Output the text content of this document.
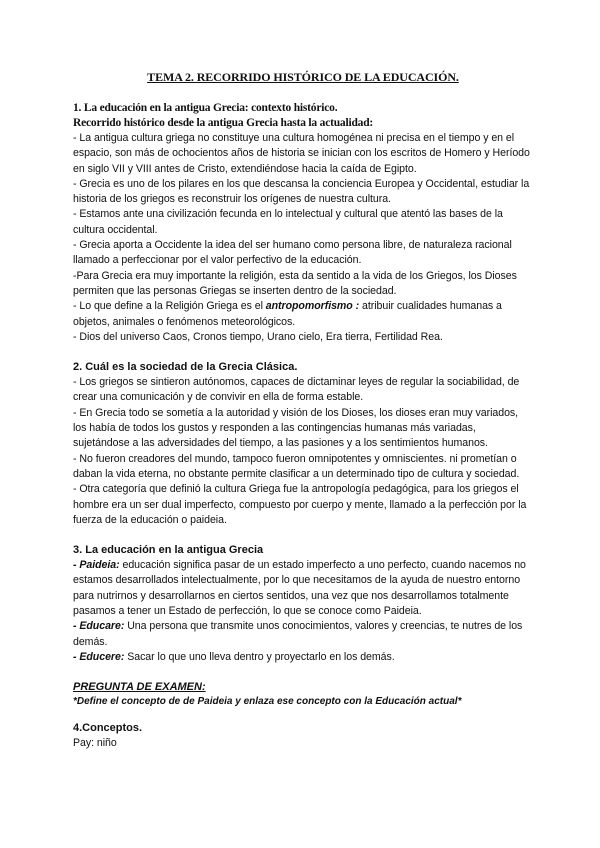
TEMA 2. RECORRIDO HISTÓRICO DE LA EDUCACIÓN.
1. La educación en la antigua Grecia: contexto histórico.
Recorrido histórico desde la antigua Grecia hasta la actualidad:

- La antigua cultura griega no constituye una cultura homogénea ni precisa en el tiempo y en el espacio, son más de ochocientos años de historia se inician con los escritos de Homero y Heríodo en siglo VII y VIII antes de Cristo, extendiéndose hacia la caída de Egipto.

- Grecia es uno de los pilares en los que descansa la conciencia Europea y Occidental, estudiar la historia de los griegos es reconstruir los orígenes de nuestra cultura.

- Estamos ante una civilización fecunda en lo intelectual y cultural que atentó las bases de la cultura occidental.

- Grecia aporta a Occidente la idea del ser humano como persona libre, de naturaleza racional llamado a perfeccionar por el valor perfectivo de la educación.

-Para Grecia era muy importante la religión, esta da sentido a la vida de los Griegos, los Dioses permiten que las personas Griegas se inserten dentro de la sociedad.

- Lo que define a la Religión Griega es el antropomorfismo : atribuir cualidades humanas a objetos, animales o fenómenos meteorológicos.

- Dios del universo Caos, Cronos tiempo, Urano cielo, Era tierra, Fertilidad Rea.

2. Cuál es la sociedad de la Grecia Clásica.

- Los griegos se sintieron autónomos, capaces de dictaminar leyes de regular la sociabilidad, de crear una comunicación y de convivir en ella de forma estable.

- En Grecia todo se sometía a la autoridad y visión de los Dioses, los dioses eran muy variados, los había de todos los gustos y responden a las contingencias humanas más variadas, sujetándose a las adversidades del tiempo, a las pasiones y a los sentimientos humanos.

- No fueron creadores del mundo, tampoco fueron omnipotentes y omniscientes. ni prometían o daban la vida eterna, no obstante permite clasificar a un determinado tipo de cultura y sociedad.

- Otra categoría que definió la cultura Griega fue la antropología pedagógica, para los griegos el hombre era un ser dual imperfecto, compuesto por cuerpo y mente, llamado a la perfección por la fuerza de la educación o paideia.

3. La educación en la antigua Grecia

- Paideia: educación significa pasar de un estado imperfecto a uno perfecto, cuando nacemos no estamos desarrollados intelectualmente, por lo que necesitamos de la ayuda de nuestro entorno para nutrirnos y desarrollarnos en ciertos sentidos, una vez que nos desarrollamos totalmente pasamos a tener un Estado de perfección, lo que se conoce como Paideia.

- Educare: Una persona que transmite unos conocimientos, valores y creencias, te nutres de los demás.

- Educere: Sacar lo que uno lleva dentro y proyectarlo en los demás.

PREGUNTA DE EXAMEN:
*Define el concepto de de Paideia y enlaza ese concepto con la Educación actual*
4.Conceptos.

Pay: niño
